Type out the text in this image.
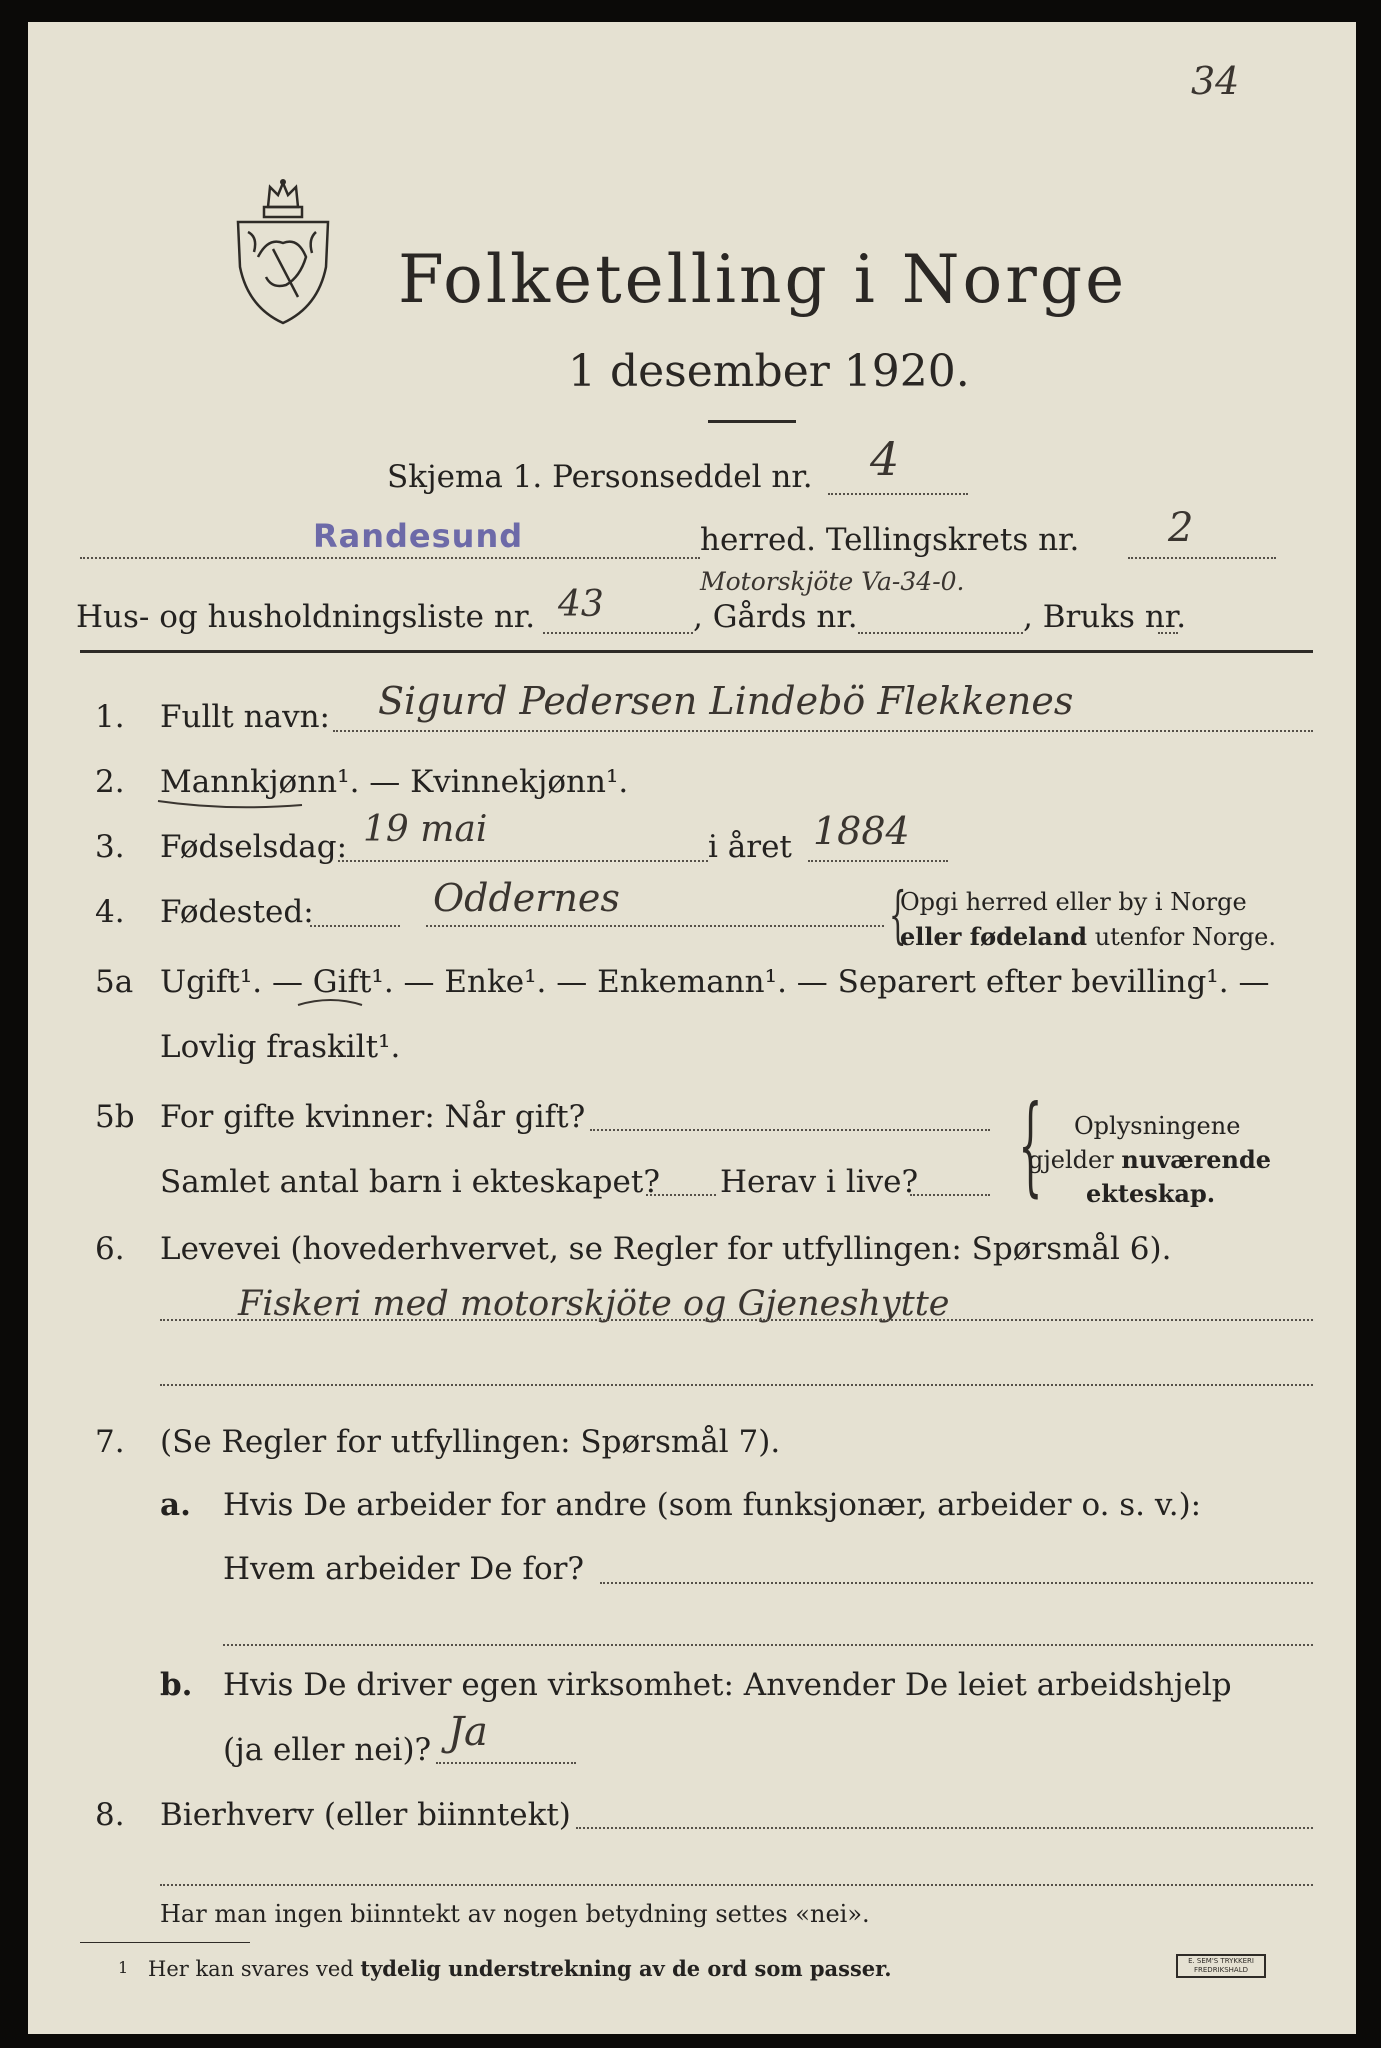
34
Folketelling i Norge
1 desember 1920.
Skjema 1. Personseddel nr. 4
Randesund	herred. Tellingskrets nr. 2
Motorskjöte Va-34-0.
Hus- og husholdningsliste nr. 43	, Gårds nr.	, Bruks nr.
1. Fullt navn: Sigurd Pedersen Lindebö Flekkenes
2. Mannkjønn¹. — Kvinnekjønn¹.
3. Fødselsdag: 19 mai	i året 1884
4. Fødested:	Oddernes	{
Opgi herred eller by i Norge
eller fødeland utenfor Norge.
5a Ugift¹. — Gift¹. — Enke¹. — Enkemann¹. — Separert efter bevilling¹. —
Lovlig fraskilt¹.
5b For gifte kvinner: Når gift?
Samlet antal barn i ekteskapet? Herav i live? { Oplysningene
gjelder nuværende
ekteskap.
6. Levevei (hovederhvervet, se Regler for utfyllingen: Spørsmål 6).
Fiskeri med motorskjöte og Gjeneshytte
7. (Se Regler for utfyllingen: Spørsmål 7).
a. Hvis De arbeider for andre (som funksjonær, arbeider o. s. v.):
Hvem arbeider De for?
b. Hvis De driver egen virksomhet: Anvender De leiet arbeidshjelp
(ja eller nei)? Ja
8. Bierhverv (eller biinntekt)
Har man ingen biinntekt av nogen betydning settes «nei».
1 Her kan svares ved tydelig understrekning av de ord som passer.	E. SEM'S TRYKKERI
FREDRIKSHALD
